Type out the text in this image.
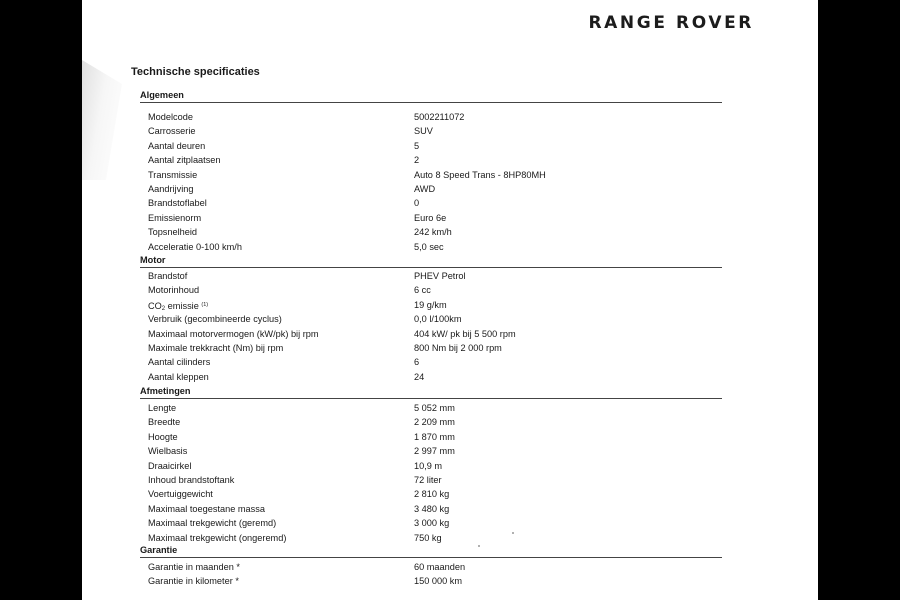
RANGE ROVER
Technische specificaties
Algemeen
Modelcode	5002211072
Carrosserie	SUV
Aantal deuren	5
Aantal zitplaatsen	2
Transmissie	Auto 8 Speed Trans - 8HP80MH
Aandrijving	AWD
Brandstoflabel	0
Emissienorm	Euro 6e
Topsnelheid	242 km/h
Acceleratie 0-100 km/h	5,0 sec
Motor
Brandstof	PHEV Petrol
Motorinhoud	6 cc
$CO_2$ emissie $^{(1)}$	19 g/km
Verbruik (gecombineerde cyclus)	0,0 l/100km
Maximaal motorvermogen (kW/pk) bij rpm	404 kW/ pk bij 5 500 rpm
Maximale trekkracht (Nm) bij rpm	800 Nm bij 2 000 rpm
Aantal cilinders	6
Aantal kleppen	24
Afmetingen
Lengte	5 052 mm
Breedte	2 209 mm
Hoogte	1 870 mm
Wielbasis	2 997 mm
Draaicirkel	10,9 m
Inhoud brandstoftank	72 liter
Voertuiggewicht	2 810 kg
Maximaal toegestane massa	3 480 kg
Maximaal trekgewicht (geremd)	3 000 kg
Maximaal trekgewicht (ongeremd)	750 kg
Garantie
Garantie in maanden *	60 maanden
Garantie in kilometer *	150 000 km
